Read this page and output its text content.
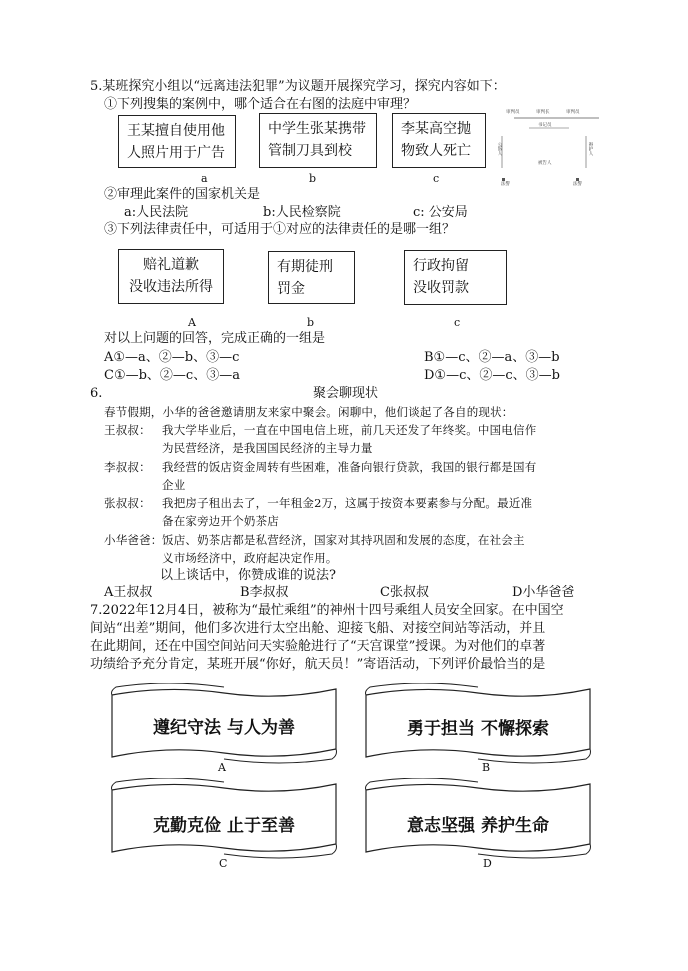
5.某班探究小组以“远离违法犯罪”为议题开展探究学习，探究内容如下：
①下列搜集的案例中，哪个适合在右图的法庭中审理？
王某擅自使用他
人照片用于广告
a
中学生张某携带
管制刀具到校
b
李某高空抛
物致人死亡
c
审判员	审判长	审判员
书记员
公诉人	辩护人
被告人
法警	法警
②审理此案件的国家机关是
a:人民法院	b:人民检察院	c: 公安局
③下列法律责任中，可适用于①对应的法律责任的是哪一组？
赔礼道歉
没收违法所得
A
有期徒刑
罚金
b
行政拘留
没收罚款
c
对以上问题的回答，完成正确的一组是
A①—a、②—b、③—c	B①—c、②—a、③—b
C①—b、②—c、③—a	D①—c、②—c、③—b
6.	聚会聊现状
春节假期，小华的爸爸邀请朋友来家中聚会。闲聊中，他们谈起了各自的现状：
王叔叔： 我大学毕业后，一直在中国电信上班，前几天还发了年终奖。中国电信作
为民营经济，是我国国民经济的主导力量
李叔叔： 我经营的饭店资金周转有些困难，准备向银行贷款，我国的银行都是国有
企业
张叔叔： 我把房子租出去了，一年租金2万，这属于按资本要素参与分配。最近准
备在家旁边开个奶茶店
小华爸爸： 饭店、奶茶店都是私营经济，国家对其持巩固和发展的态度，在社会主
义市场经济中，政府起决定作用。
以上谈话中，你赞成谁的说法?
A王叔叔	B李叔叔	C张叔叔	D小华爸爸
7.2022年12月4日，被称为“最忙乘组”的神州十四号乘组人员安全回家。在中国空
间站“出差”期间，他们多次进行太空出舱、迎接飞船、对接空间站等活动，并且
在此期间，还在中国空间站问天实验舱进行了“天宫课堂”授课。为对他们的卓著
功绩给予充分肯定，某班开展“你好，航天员！”寄语活动，下列评价最恰当的是
遵纪守法 与人为善
A
勇于担当 不懈探索
B
克勤克俭 止于至善
C
意志坚强 养护生命
D
